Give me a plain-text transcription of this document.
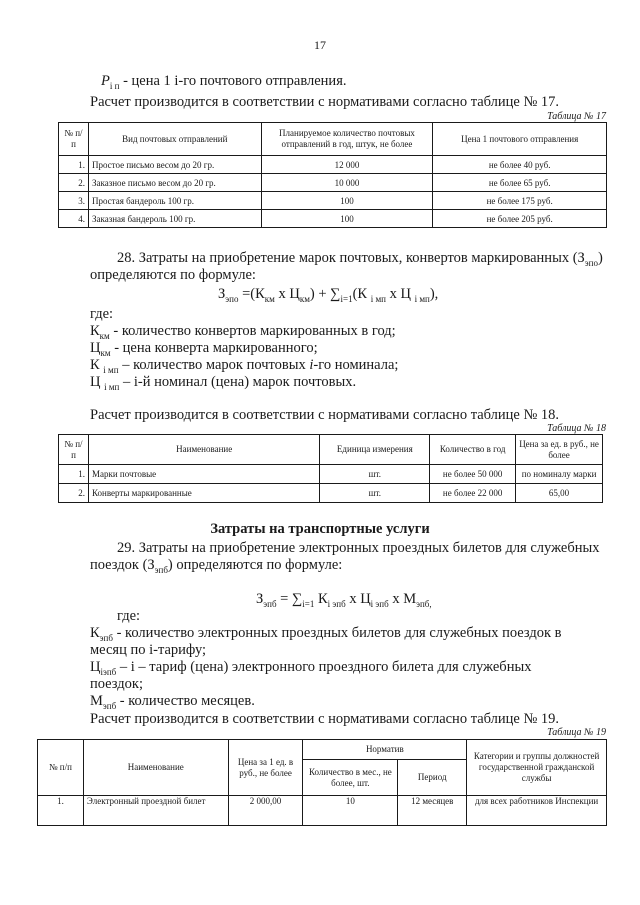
17
$P_{i п}$ - цена 1 i-го почтового отправления.
Расчет производится в соответствии с нормативами согласно таблице № 17.
Таблица № 17
№ п/п	Вид почтовых отправлений	Планируемое количество почтовых отправлений в год, штук, не более	Цена 1 почтового отправления
1.	Простое письмо весом до 20 гр.	12 000	не более 40 руб.
2.	Заказное письмо весом до 20 гр.	10 000	не более 65 руб.
3.	Простая бандероль 100 гр.	100	не более 175 руб.
4.	Заказная бандероль 100 гр.	100	не более 205 руб.
28. Затраты на приобретение марок почтовых, конвертов маркированных $(З_{эпо})$
определяются по формуле:
$З_{эпо} =(К_{км}$ х $Ц_{км}) + \sum_{i=1}(К$ $_{i мп}$ х Ц $_{i мп}$),
где:
$К_{км}$ - количество конвертов маркированных в год;
$Ц_{км}$ - цена конверта маркированного;
К $_{i мп}$ – количество марок почтовых i-го номинала;
Ц $_{i мп}$ – i-й номинал (цена) марок почтовых.
Расчет производится в соответствии с нормативами согласно таблице № 18.
Таблица № 18
№ п/п	Наименование	Единица измерения	Количество в год	Цена за ед. в руб., не более
1.	Марки почтовые	шт.	не более 50 000	по номиналу марки
2.	Конверты маркированные	шт.	не более 22 000	65,00
Затраты на транспортные услуги
29. Затраты на приобретение электронных проездных билетов для служебных
поездок $(З_{эпб})$ определяются по формуле:
$З_{эпб} = \sum_{i=1}$ $К_{i эпб}$ х $Ц_{i эпб}$ х $М_{эпб,}$
где:
$К_{эпб}$ - количество электронных проездных билетов для служебных поездок в
месяц по i-тарифу;
$Ц_{iэпб}$ – i – тариф (цена) электронного проездного билета для служебных
поездок;
$М_{эпб}$ - количество месяцев.
Расчет производится в соответствии с нормативами согласно таблице № 19.
Таблица № 19
№ п/п	Наименование	Цена за 1 ед. в руб., не более	Норматив		Категории и группы должностей государственной гражданской службы
			Количество в мес., не более, шт.	Период	
1.	Электронный проездной билет	2 000,00	10	12 месяцев	для всех работников Инспекции
